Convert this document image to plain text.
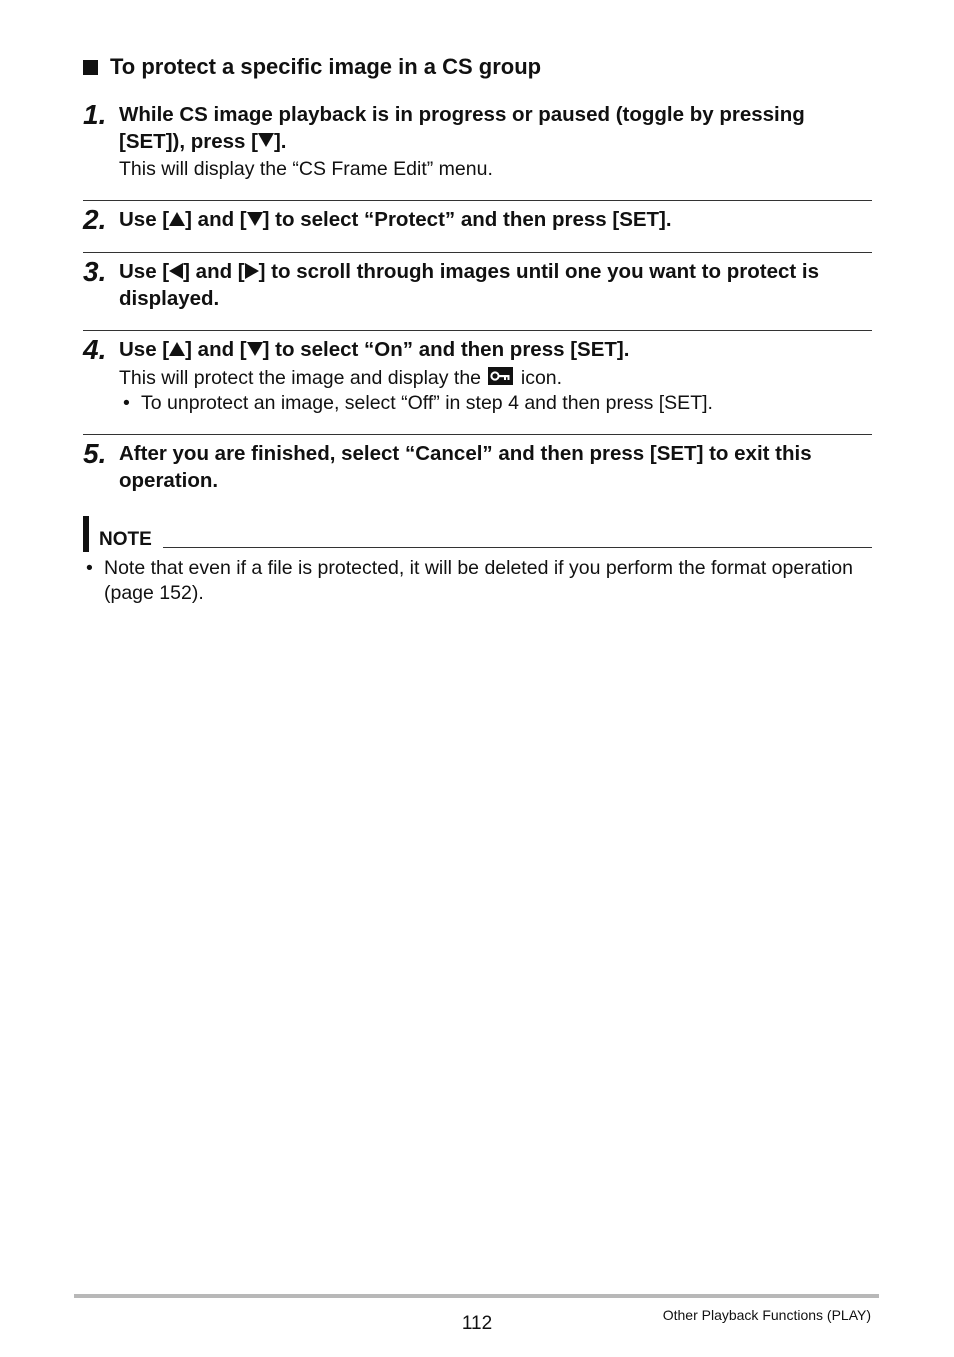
To protect a specific image in a CS group
1. While CS image playback is in progress or paused (toggle by pressing [SET]), press [ ].
This will display the “CS Frame Edit” menu.
2. Use [ ] and [ ] to select “Protect” and then press [SET].
3. Use [ ] and [ ] to scroll through images until one you want to protect is displayed.
4. Use [ ] and [ ] to select “On” and then press [SET].
This will protect the image and display the icon.
• To unprotect an image, select “Off” in step 4 and then press [SET].
5. After you are finished, select “Cancel” and then press [SET] to exit this operation.
NOTE
• Note that even if a file is protected, it will be deleted if you perform the format operation (page 152).
112	Other Playback Functions (PLAY)
